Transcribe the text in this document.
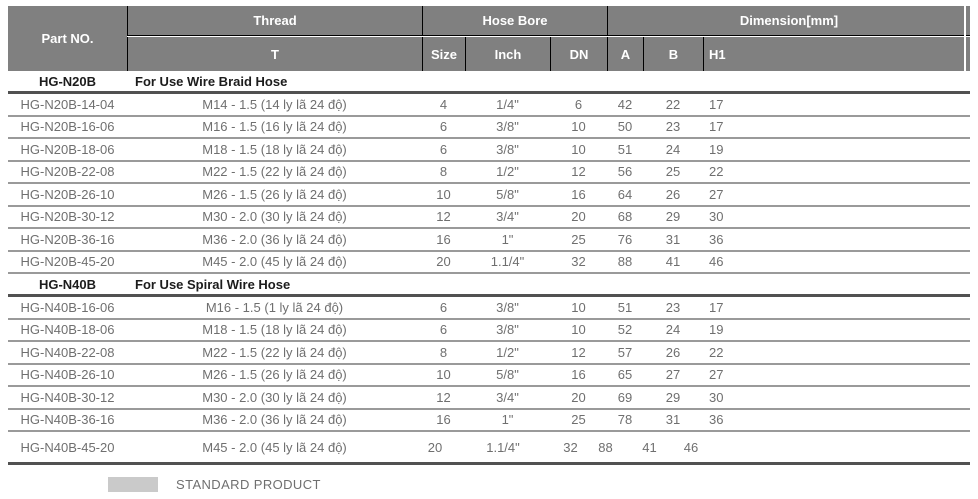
Part NO.
Thread	Hose Bore	Dimension[mm]
T	Size	Inch	DN	A	B	H1
HG-N20B	For Use Wire Braid Hose
HG-N20B-14-04	M14 - 1.5 (14 ly lã 24 độ)	4	1/4"	6	42	22	17
HG-N20B-16-06	M16 - 1.5 (16 ly lã 24 độ)	6	3/8"	10	50	23	17
HG-N20B-18-06	M18 - 1.5 (18 ly lã 24 độ)	6	3/8"	10	51	24	19
HG-N20B-22-08	M22 - 1.5 (22 ly lã 24 độ)	8	1/2"	12	56	25	22
HG-N20B-26-10	M26 - 1.5 (26 ly lã 24 độ)	10	5/8"	16	64	26	27
HG-N20B-30-12	M30 - 2.0 (30 ly lã 24 độ)	12	3/4"	20	68	29	30
HG-N20B-36-16	M36 - 2.0 (36 ly lã 24 độ)	16	1"	25	76	31	36
HG-N20B-45-20	M45 - 2.0 (45 ly lã 24 độ)	20	1.1/4"	32	88	41	46
HG-N40B	For Use Spiral Wire Hose
HG-N40B-16-06	M16 - 1.5 (1 ly lã 24 độ)	6	3/8"	10	51	23	17
HG-N40B-18-06	M18 - 1.5 (18 ly lã 24 độ)	6	3/8"	10	52	24	19
HG-N40B-22-08	M22 - 1.5 (22 ly lã 24 độ)	8	1/2"	12	57	26	22
HG-N40B-26-10	M26 - 1.5 (26 ly lã 24 độ)	10	5/8"	16	65	27	27
HG-N40B-30-12	M30 - 2.0 (30 ly lã 24 độ)	12	3/4"	20	69	29	30
HG-N40B-36-16	M36 - 2.0 (36 ly lã 24 độ)	16	1"	25	78	31	36
HG-N40B-45-20	M45 - 2.0 (45 ly lã 24 độ)	20	1.1/4"	32	88	41	46
STANDARD PRODUCT
